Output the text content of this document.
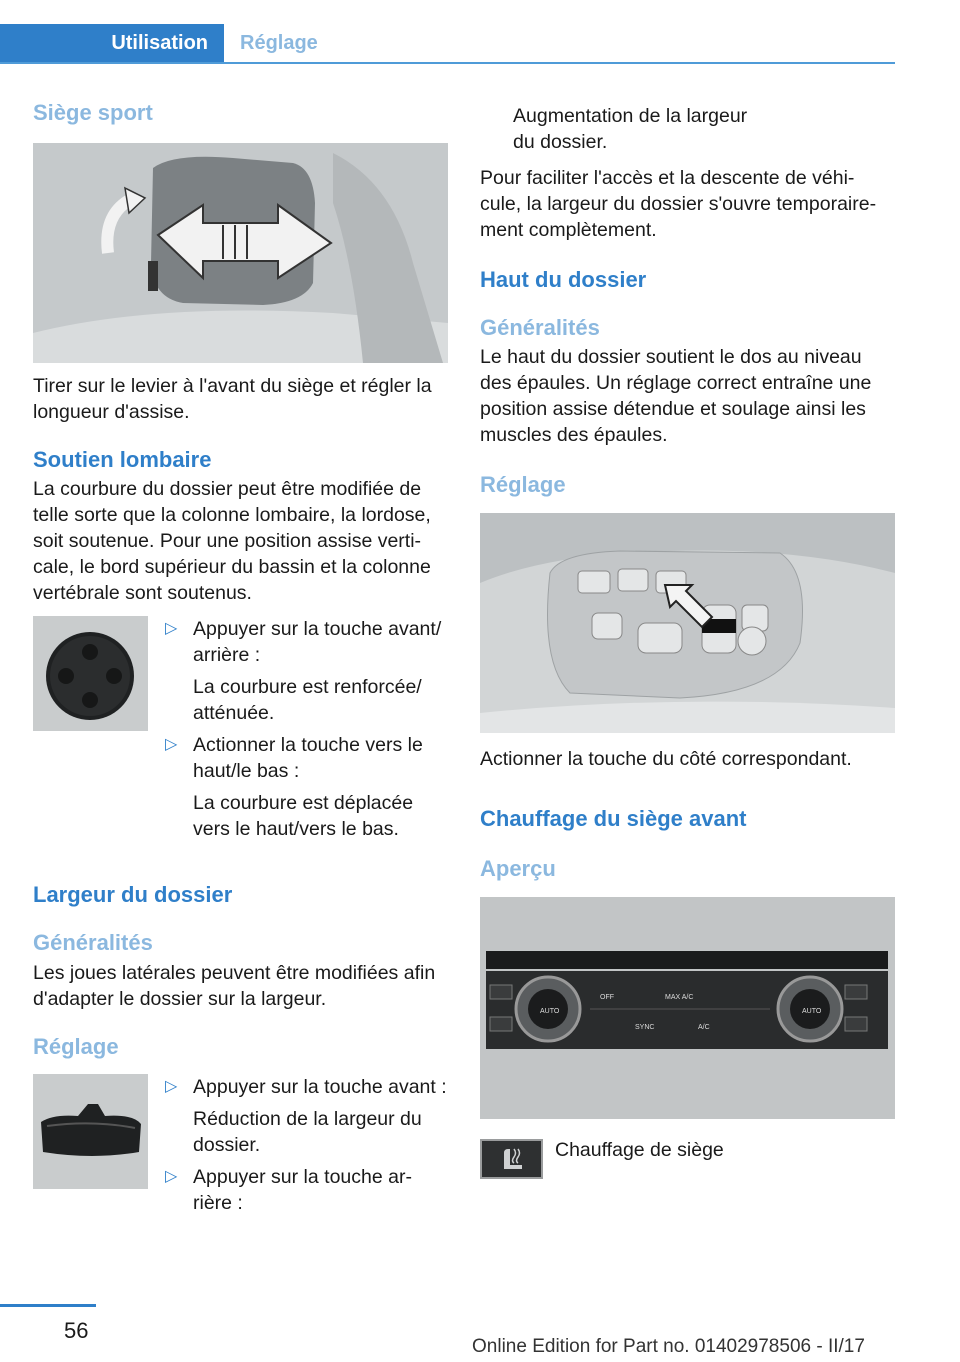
Utilisation	Réglage
Siège sport

Tirer sur le levier à l'avant du siège et régler la longueur d'assise.

Soutien lombaire

La courbure du dossier peut être modifiée de telle sorte que la colonne lombaire, la lordose, soit soutenue. Pour une position assise verti‐cale, le bord supérieur du bassin et la colonne vertébrale sont soutenus.

▷ Appuyer sur la touche avant/ arrière :

La courbure est renforcée/ atténuée.

▷ Actionner la touche vers le haut/le bas :

La courbure est déplacée vers le haut/vers le bas.

Largeur du dossier
Généralités

Les joues latérales peuvent être modifiées afin d'adapter le dossier sur la largeur.

Réglage
▷ Appuyer sur la touche avant :

Réduction de la largeur du dossier.

▷ Appuyer sur la touche ar‐rière :

Augmentation de la largeur du dossier.

Pour faciliter l'accès et la descente de véhi‐cule, la largeur du dossier s'ouvre temporaire‐ment complètement.

Haut du dossier
Généralités

Le haut du dossier soutient le dos au niveau des épaules. Un réglage correct entraîne une position assise détendue et soulage ainsi les muscles des épaules.

Réglage

Actionner la touche du côté correspondant.

Chauffage du siège avant
Aperçu
AUTO
OFF	MAX A/C
SYNC	A/C
AUTO

Chauffage de siège

56
Online Edition for Part no. 01402978506 - II/17
